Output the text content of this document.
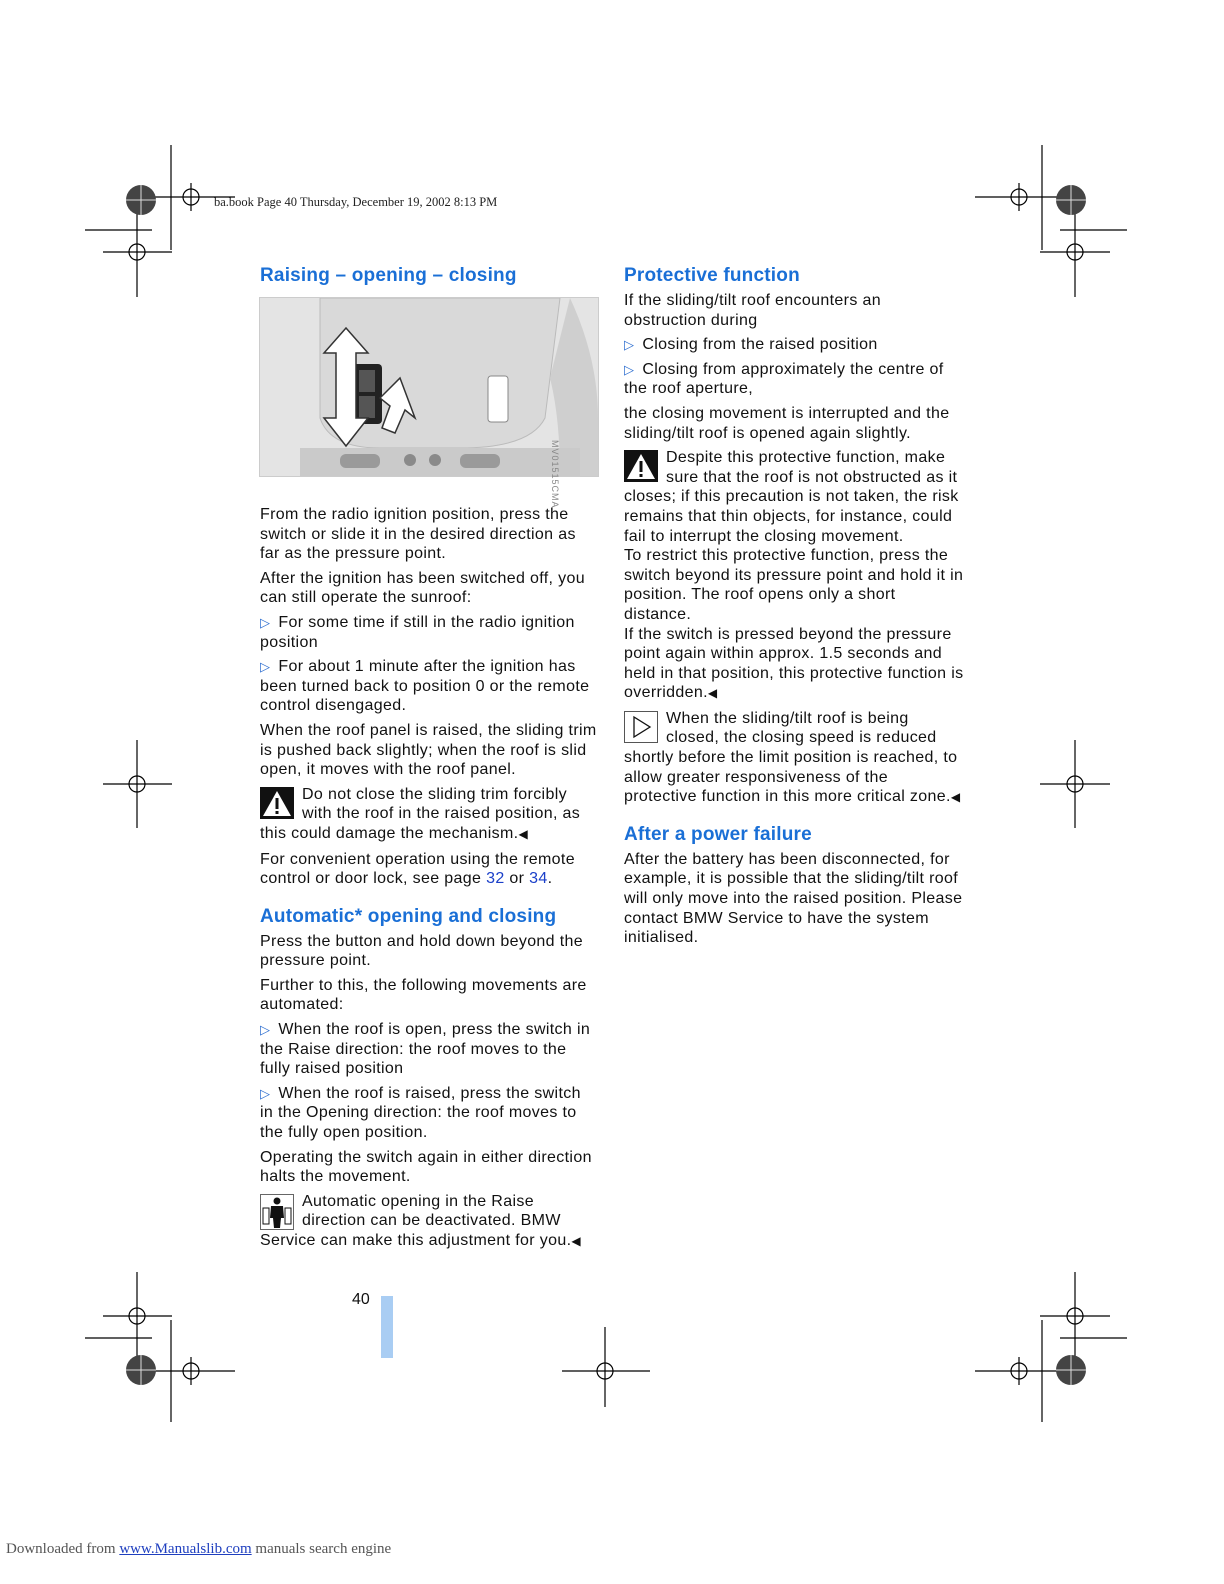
ba.book Page 40 Thursday, December 19, 2002 8:13 PM
MV01515CMA
Raising – opening – closing

From the radio ignition position, press the switch or slide it in the desired direction as far as the pressure point.

After the ignition has been switched off, you can still operate the sunroof:

▷ For some time if still in the radio ignition position

▷ For about 1 minute after the ignition has been turned back to position 0 or the remote control disengaged.

When the roof panel is raised, the sliding trim is pushed back slightly; when the roof is slid open, it moves with the roof panel.

Do not close the sliding trim forcibly with the roof in the raised position, as this could damage the mechanism.◀

For convenient operation using the remote control or door lock, see page 32 or 34.

Automatic* opening and closing

Press the button and hold down beyond the pressure point.

Further to this, the following movements are automated:

▷ When the roof is open, press the switch in the Raise direction: the roof moves to the fully raised position

▷ When the roof is raised, press the switch in the Opening direction: the roof moves to the fully open position.

Operating the switch again in either direction halts the movement.

Automatic opening in the Raise direction can be deactivated. BMW Service can make this adjustment for you.◀

Protective function

If the sliding/tilt roof encounters an obstruction during

▷ Closing from the raised position

▷ Closing from approximately the centre of the roof aperture,

the closing movement is interrupted and the sliding/tilt roof is opened again slightly.

Despite this protective function, make sure that the roof is not obstructed as it closes; if this precaution is not taken, the risk remains that thin objects, for instance, could fail to interrupt the closing movement.

To restrict this protective function, press the switch beyond its pressure point and hold it in position. The roof opens only a short distance.

If the switch is pressed beyond the pressure point again within approx. 1.5 seconds and held in that position, this protective function is overridden.◀

When the sliding/tilt roof is being closed, the closing speed is reduced shortly before the limit position is reached, to allow greater responsiveness of the protective function in this more critical zone.◀

After a power failure

After the battery has been disconnected, for example, it is possible that the sliding/tilt roof will only move into the raised position. Please contact BMW Service to have the system initialised.

40
Downloaded from www.Manualslib.com manuals search engine
